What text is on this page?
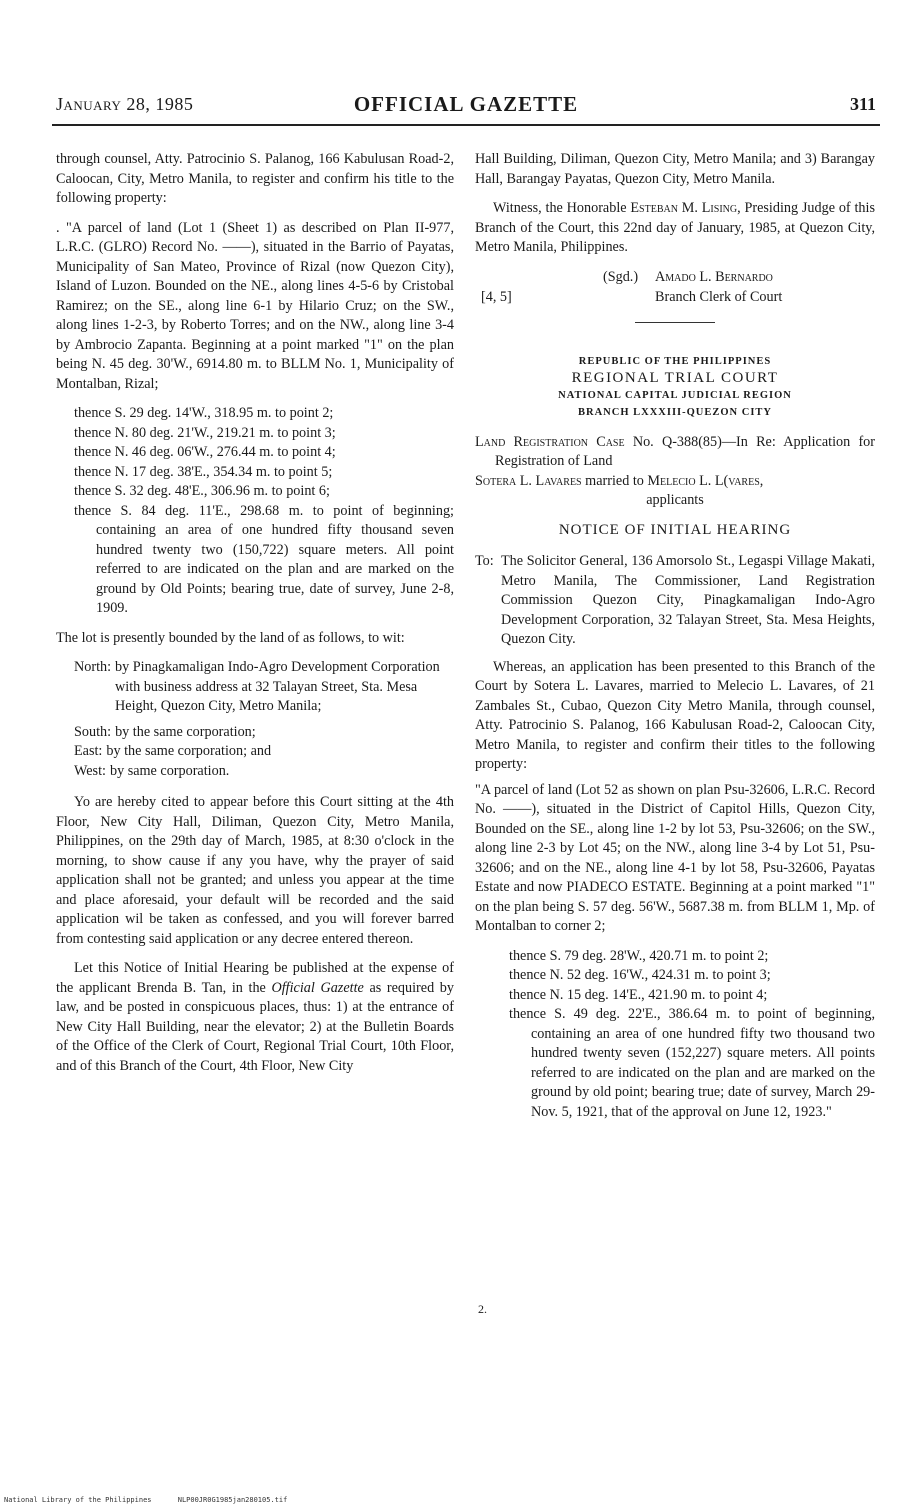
January 28, 1985	OFFICIAL GAZETTE	311

through counsel, Atty. Patrocinio S. Palanog, 166 Kabulusan Road-2, Caloocan, City, Metro Manila, to register and confirm his title to the following property:

. "A parcel of land (Lot 1 (Sheet 1) as described on Plan II-977, L.R.C. (GLRO) Record No. ——), situated in the Barrio of Payatas, Municipality of San Mateo, Province of Rizal (now Quezon City), Island of Luzon. Bounded on the NE., along lines 4-5-6 by Cristobal Ramirez; on the SE., along line 6-1 by Hilario Cruz; on the SW., along lines 1-2-3, by Roberto Torres; and on the NW., along line 3-4 by Ambrocio Zapanta. Beginning at a point marked "1" on the plan being N. 45 deg. 30'W., 6914.80 m. to BLLM No. 1, Municipality of Montalban, Rizal;

thence S. 29 deg. 14'W., 318.95 m. to point 2;

thence N. 80 deg. 21'W., 219.21 m. to point 3;

thence N. 46 deg. 06'W., 276.44 m. to point 4;

thence N. 17 deg. 38'E., 354.34 m. to point 5;

thence S. 32 deg. 48'E., 306.96 m. to point 6;

thence S. 84 deg. 11'E., 298.68 m. to point of beginning; containing an area of one hundred fifty thousand seven hundred twenty two (150,722) square meters. All point referred to are indicated on the plan and are marked on the ground by Old Points; bearing true, date of survey, June 2-8, 1909.

The lot is presently bounded by the land of as follows, to wit:

North: by Pinagkamaligan Indo-Agro Development Corporation with business address at 32 Talayan Street, Sta. Mesa Height, Quezon City, Metro Manila;
South: by the same corporation;
East: by the same corporation; and
West: by same corporation.

Yo are hereby cited to appear before this Court sitting at the 4th Floor, New City Hall, Diliman, Quezon City, Metro Manila, Philippines, on the 29th day of March, 1985, at 8:30 o'clock in the morning, to show cause if any you have, why the prayer of said application shall not be granted; and unless you appear at the time and place aforesaid, your default will be recorded and the said application wil be taken as confessed, and you will forever barred from contesting said application or any decree entered thereon.

Let this Notice of Initial Hearing be published at the expense of the applicant Brenda B. Tan, in the Official Gazette as required by law, and be posted in conspicuous places, thus: 1) at the entrance of New City Hall Building, near the elevator; 2) at the Bulletin Boards of the Office of the Clerk of Court, Regional Trial Court, 10th Floor, and of this Branch of the Court, 4th Floor, New City

Hall Building, Diliman, Quezon City, Metro Manila; and 3) Barangay Hall, Barangay Payatas, Quezon City, Metro Manila.

Witness, the Honorable Esteban M. Lising, Presiding Judge of this Branch of the Court, this 22nd day of January, 1985, at Quezon City, Metro Manila, Philippines.

(Sgd.) Amado L. Bernardo
[4, 5]	Branch Clerk of Court
REPUBLIC OF THE PHILIPPINES
REGIONAL TRIAL COURT
NATIONAL CAPITAL JUDICIAL REGION
BRANCH LXXXIII-QUEZON CITY
Land Registration Case No. Q-388(85)—In Re: Application for Registration of Land
Sotera L. Lavares married to Melecio L. L(vares,
applicants
NOTICE OF INITIAL HEARING
To: The Solicitor General, 136 Amorsolo St., Legaspi Village Makati, Metro Manila, The Commissioner, Land Registration Commission Quezon City, Pinagkamaligan Indo-Agro Development Corporation, 32 Talayan Street, Sta. Mesa Heights, Quezon City.

Whereas, an application has been presented to this Branch of the Court by Sotera L. Lavares, married to Melecio L. Lavares, of 21 Zambales St., Cubao, Quezon City Metro Manila, through counsel, Atty. Patrocinio S. Palanog, 166 Kabulusan Road-2, Caloocan City, Metro Manila, to register and confirm their titles to the following property:

"A parcel of land (Lot 52 as shown on plan Psu-32606, L.R.C. Record No. ——), situated in the District of Capitol Hills, Quezon City, Bounded on the SE., along line 1-2 by lot 53, Psu-32606; on the SW., along line 2-3 by Lot 45; on the NW., along line 3-4 by Lot 51, Psu-32606; and on the NE., along line 4-1 by lot 58, Psu-32606, Payatas Estate and now PIADECO ESTATE. Beginning at a point marked "1" on the plan being S. 57 deg. 56'W., 5687.38 m. from BLLM 1, Mp. of Montalban to corner 2;

thence S. 79 deg. 28'W., 420.71 m. to point 2;

thence N. 52 deg. 16'W., 424.31 m. to point 3;

thence N. 15 deg. 14'E., 421.90 m. to point 4;

thence S. 49 deg. 22'E., 386.64 m. to point of beginning, containing an area of one hundred fifty two thousand two hundred twenty seven (152,227) square meters. All points referred to are indicated on the plan and are marked on the ground by old point; bearing true; date of survey, March 29-Nov. 5, 1921, that of the approval on June 12, 1923."

2.
National Library of the Philippines	NLP00JR0G1985jan280105.tif
